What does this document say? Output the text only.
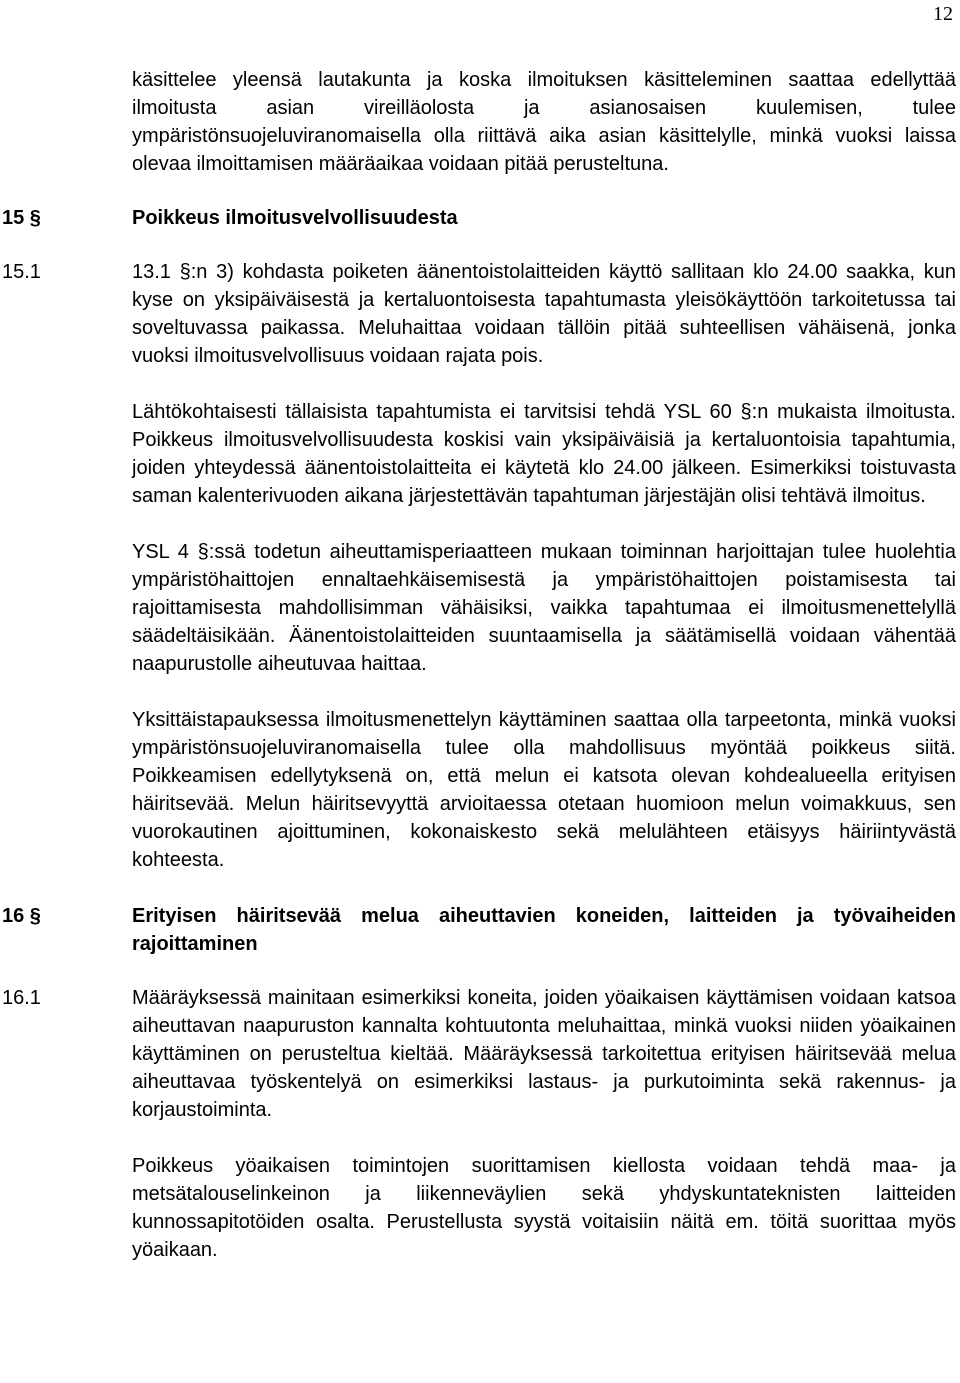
12
käsittelee yleensä lautakunta ja koska ilmoituksen käsitteleminen saattaa edellyttää ilmoitusta asian vireilläolosta ja asianosaisen kuulemisen, tulee ympäristönsuojeluviranomaisella olla riittävä aika asian käsittelylle, minkä vuoksi laissa olevaa ilmoittamisen määräaikaa voidaan pitää perusteltuna.
15 §	Poikkeus ilmoitusvelvollisuudesta
15.1	13.1 §:n 3) kohdasta poiketen äänentoistolaitteiden käyttö sallitaan klo 24.00 saakka, kun kyse on yksipäiväisestä ja kertaluontoisesta tapahtumasta yleisökäyttöön tarkoitetussa tai soveltuvassa paikassa. Meluhaittaa voidaan tällöin pitää suhteellisen vähäisenä, jonka vuoksi ilmoitusvelvollisuus voidaan rajata pois.
Lähtökohtaisesti tällaisista tapahtumista ei tarvitsisi tehdä YSL 60 §:n mukaista ilmoitusta. Poikkeus ilmoitusvelvollisuudesta koskisi vain yksipäiväisiä ja kertaluontoisia tapahtumia, joiden yhteydessä äänentoistolaitteita ei käytetä klo 24.00 jälkeen. Esimerkiksi toistuvasta saman kalenterivuoden aikana järjestettävän tapahtuman järjestäjän olisi tehtävä ilmoitus.
YSL 4 §:ssä todetun aiheuttamisperiaatteen mukaan toiminnan harjoittajan tulee huolehtia ympäristöhaittojen ennaltaehkäisemisestä ja ympäristöhaittojen poistamisesta tai rajoittamisesta mahdollisimman vähäisiksi, vaikka tapahtumaa ei ilmoitusmenettelyllä säädeltäisikään. Äänentoistolaitteiden suuntaamisella ja säätämisellä voidaan vähentää naapurustolle aiheutuvaa haittaa.
Yksittäistapauksessa ilmoitusmenettelyn käyttäminen saattaa olla tarpeetonta, minkä vuoksi ympäristönsuojeluviranomaisella tulee olla mahdollisuus myöntää poikkeus siitä. Poikkeamisen edellytyksenä on, että melun ei katsota olevan kohdealueella erityisen häiritsevää. Melun häiritsevyyttä arvioitaessa otetaan huomioon melun voimakkuus, sen vuorokautinen ajoittuminen, kokonaiskesto sekä melulähteen etäisyys häiriintyvästä kohteesta.
16 §	Erityisen häiritsevää melua aiheuttavien koneiden, laitteiden ja työvaiheiden rajoittaminen
16.1	Määräyksessä mainitaan esimerkiksi koneita, joiden yöaikaisen käyttämisen voidaan katsoa aiheuttavan naapuruston kannalta kohtuutonta meluhaittaa, minkä vuoksi niiden yöaikainen käyttäminen on perusteltua kieltää. Määräyksessä tarkoitettua erityisen häiritsevää melua aiheuttavaa työskentelyä on esimerkiksi lastaus- ja purkutoiminta sekä rakennus- ja korjaustoiminta.
Poikkeus yöaikaisen toimintojen suorittamisen kiellosta voidaan tehdä maa- ja metsätalouselinkeinon ja liikenneväylien sekä yhdyskuntateknisten laitteiden kunnossapitotöiden osalta. Perustellusta syystä voitaisiin näitä em. töitä suorittaa myös yöaikaan.
